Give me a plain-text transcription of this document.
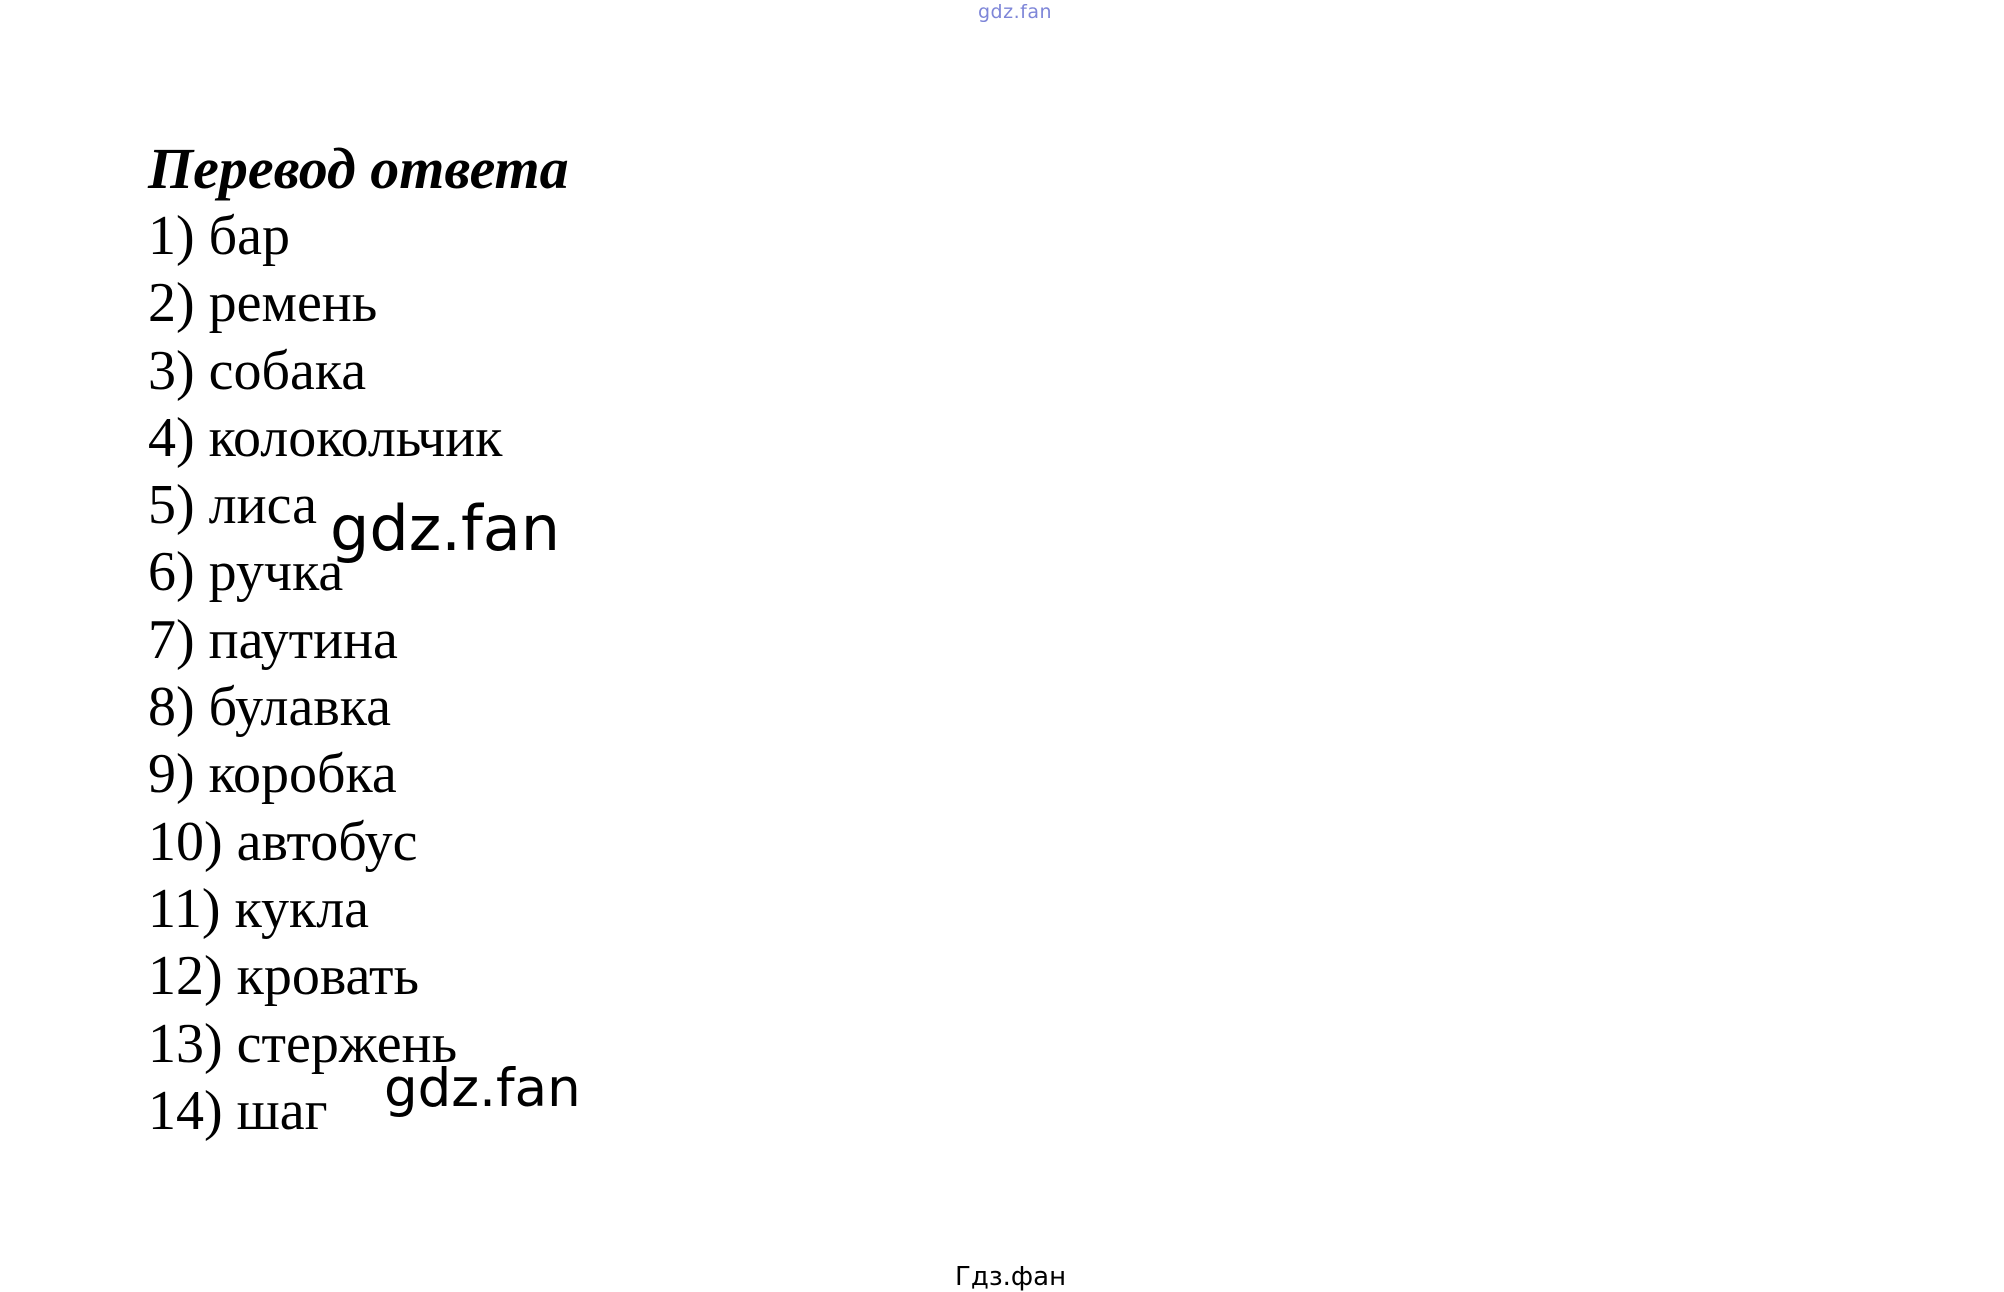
gdz.fan
Перевод ответа
1) бар
2) ремень
3) собака
4) колокольчик
5) лиса
6) ручка
7) паутина
8) булавка
9) коробка
10) автобус
11) кукла
12) кровать
13) стержень
14) шаг
gdz.fan
gdz.fan
Гдз.фан
